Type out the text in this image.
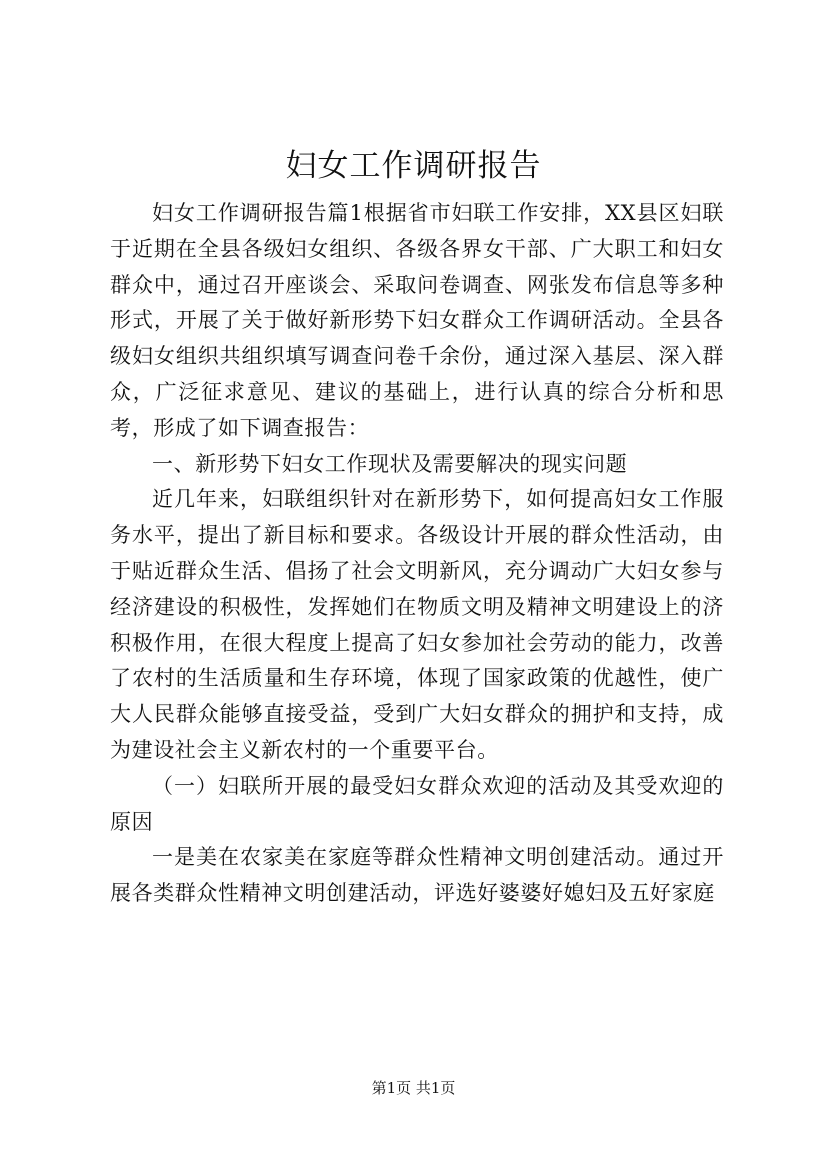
妇女工作调研报告

妇女工作调研报告篇1根据省市妇联工作安排，XX县区妇联于近期在全县各级妇女组织、各级各界女干部、广大职工和妇女群众中，通过召开座谈会、采取问卷调查、网张发布信息等多种形式，开展了关于做好新形势下妇女群众工作调研活动。全县各级妇女组织共组织填写调查问卷千余份，通过深入基层、深入群众，广泛征求意见、建议的基础上，进行认真的综合分析和思考，形成了如下调查报告：

一、新形势下妇女工作现状及需要解决的现实问题

近几年来，妇联组织针对在新形势下，如何提高妇女工作服务水平，提出了新目标和要求。各级设计开展的群众性活动，由于贴近群众生活、倡扬了社会文明新风，充分调动广大妇女参与经济建设的积极性，发挥她们在物质文明及精神文明建设上的济积极作用，在很大程度上提高了妇女参加社会劳动的能力，改善了农村的生活质量和生存环境，体现了国家政策的优越性，使广大人民群众能够直接受益，受到广大妇女群众的拥护和支持，成为建设社会主义新农村的一个重要平台。

（一）妇联所开展的最受妇女群众欢迎的活动及其受欢迎的原因

一是美在农家美在家庭等群众性精神文明创建活动。通过开展各类群众性精神文明创建活动，评选好婆婆好媳妇及五好家庭

第1页 共1页
